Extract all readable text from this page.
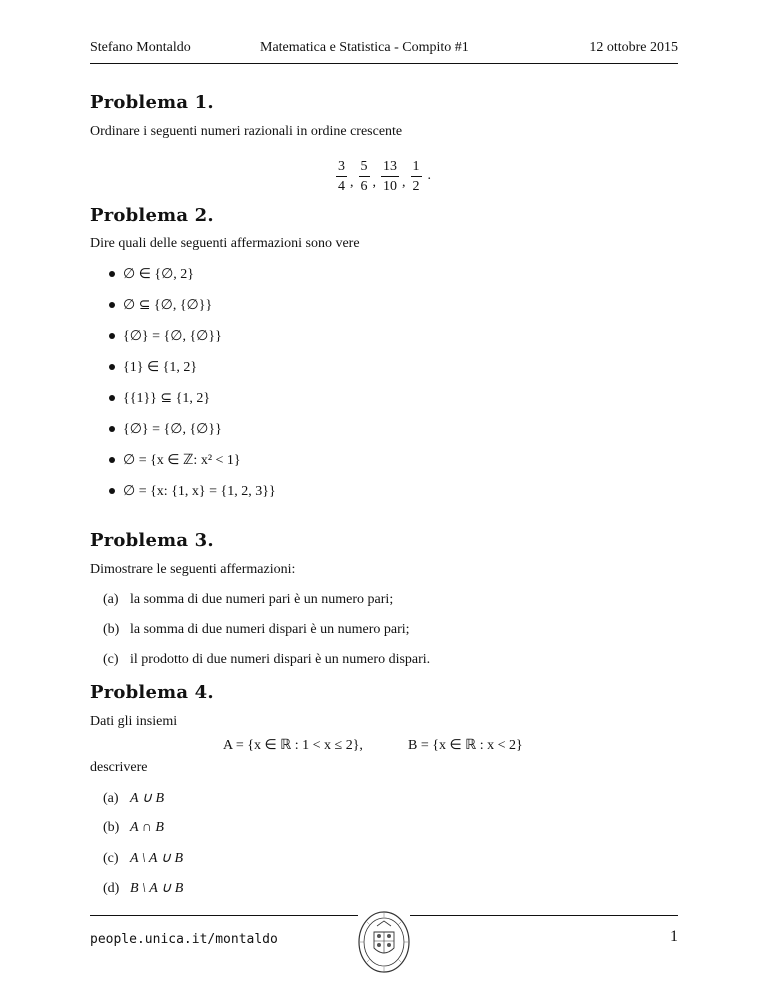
Stefano Montaldo	Matematica e Statistica - Compito #1	12 ottobre 2015
Problema 1.
Ordinare i seguenti numeri razionali in ordine crescente
$\frac{3}{4}$ , $\frac{5}{6}$ , $\frac{13}{10}$ , $\frac{1}{2}$ .
Problema 2.
Dire quali delle seguenti affermazioni sono vere
∅ ∈ {∅, 2}
∅ ⊆ {∅, {∅}}
{∅} = {∅, {∅}}
{1} ∈ {1, 2}
{{1}} ⊆ {1, 2}
{∅} = {∅, {∅}}
∅ = {x ∈ ℤ: x² < 1}
∅ = {x: {1, x} = {1, 2, 3}}
Problema 3.
Dimostrare le seguenti affermazioni:
(a) la somma di due numeri pari è un numero pari;
(b) la somma di due numeri dispari è un numero pari;
(c) il prodotto di due numeri dispari è un numero dispari.
Problema 4.
Dati gli insiemi
A = {x ∈ ℝ : 1 < x ≤ 2},	B = {x ∈ ℝ : x < 2}
descrivere
(a) A ∪ B
(b) A ∩ B
(c) A \ A ∪ B
(d) B \ A ∪ B
people.unica.it/montaldo	1
